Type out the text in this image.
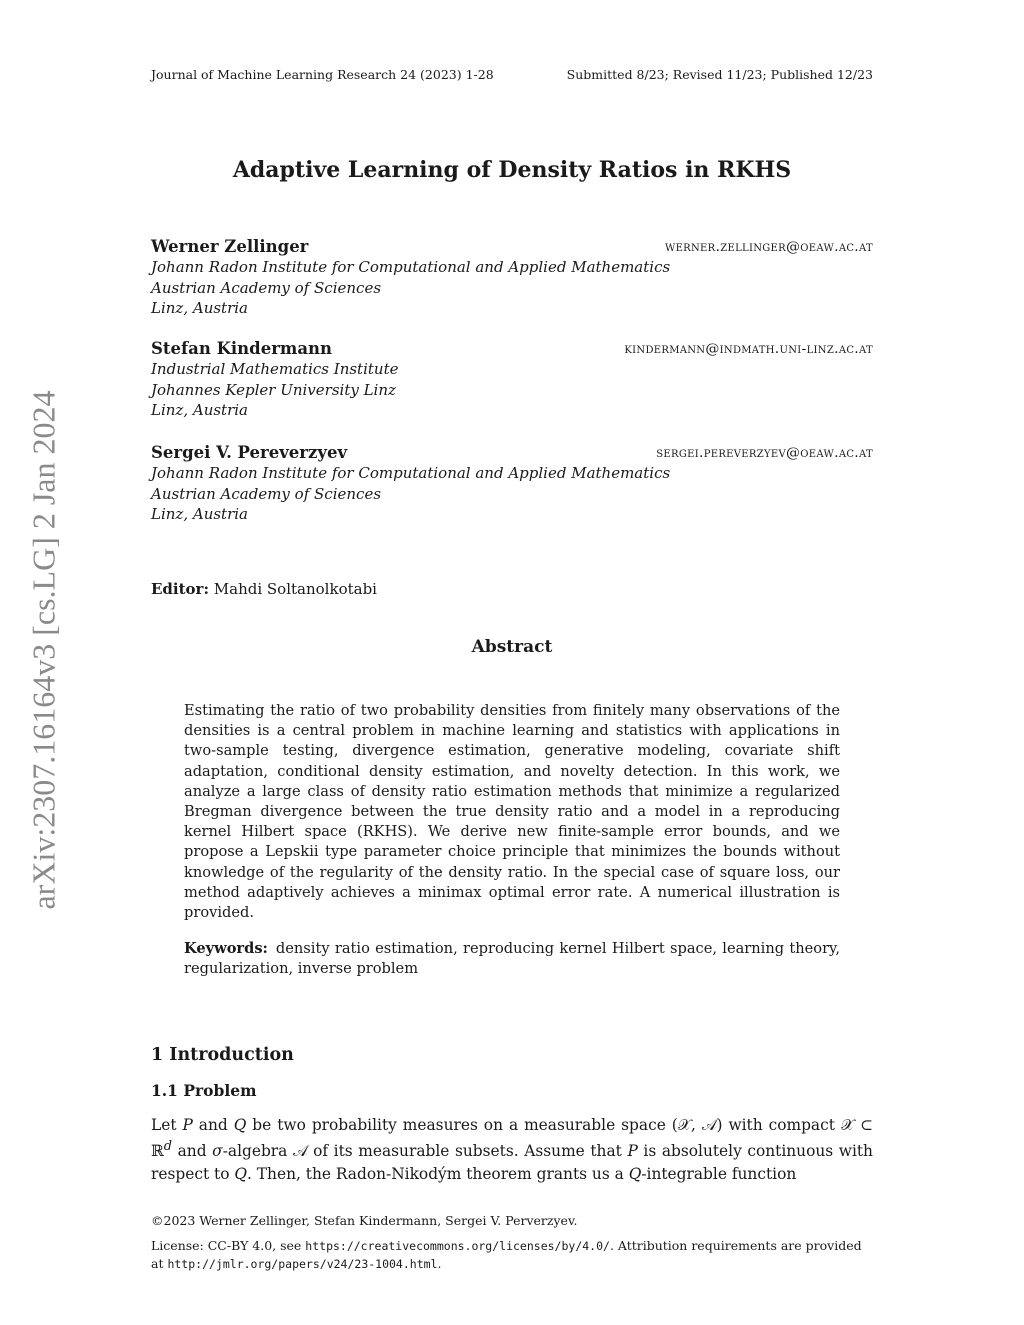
arXiv:2307.16164v3 [cs.LG] 2 Jan 2024
Journal of Machine Learning Research 24 (2023) 1-28	Submitted 8/23; Revised 11/23; Published 12/23
Adaptive Learning of Density Ratios in RKHS
Werner Zellinger	werner.zellinger@oeaw.ac.at
Johann Radon Institute for Computational and Applied Mathematics
Austrian Academy of Sciences
Linz, Austria
Stefan Kindermann	kindermann@indmath.uni-linz.ac.at
Industrial Mathematics Institute
Johannes Kepler University Linz
Linz, Austria
Sergei V. Pereverzyev	sergei.pereverzyev@oeaw.ac.at
Johann Radon Institute for Computational and Applied Mathematics
Austrian Academy of Sciences
Linz, Austria
Editor: Mahdi Soltanolkotabi
Abstract
Estimating the ratio of two probability densities from finitely many observations of the densities is a central problem in machine learning and statistics with applications in two-sample testing, divergence estimation, generative modeling, covariate shift adaptation, conditional density estimation, and novelty detection. In this work, we analyze a large class of density ratio estimation methods that minimize a regularized Bregman divergence between the true density ratio and a model in a reproducing kernel Hilbert space (RKHS). We derive new finite-sample error bounds, and we propose a Lepskii type parameter choice principle that minimizes the bounds without knowledge of the regularity of the density ratio. In the special case of square loss, our method adaptively achieves a minimax optimal error rate. A numerical illustration is provided.
Keywords: density ratio estimation, reproducing kernel Hilbert space, learning theory, regularization, inverse problem
1 Introduction
1.1 Problem
Let P and Q be two probability measures on a measurable space (𝒳, 𝒜) with compact 𝒳 ⊂ ℝ$^d$ and σ-algebra 𝒜 of its measurable subsets. Assume that P is absolutely continuous with respect to Q. Then, the Radon-Nikodým theorem grants us a Q-integrable function
©2023 Werner Zellinger, Stefan Kindermann, Sergei V. Perverzyev.
License: CC-BY 4.0, see https://creativecommons.org/licenses/by/4.0/. Attribution requirements are provided at http://jmlr.org/papers/v24/23-1004.html.
